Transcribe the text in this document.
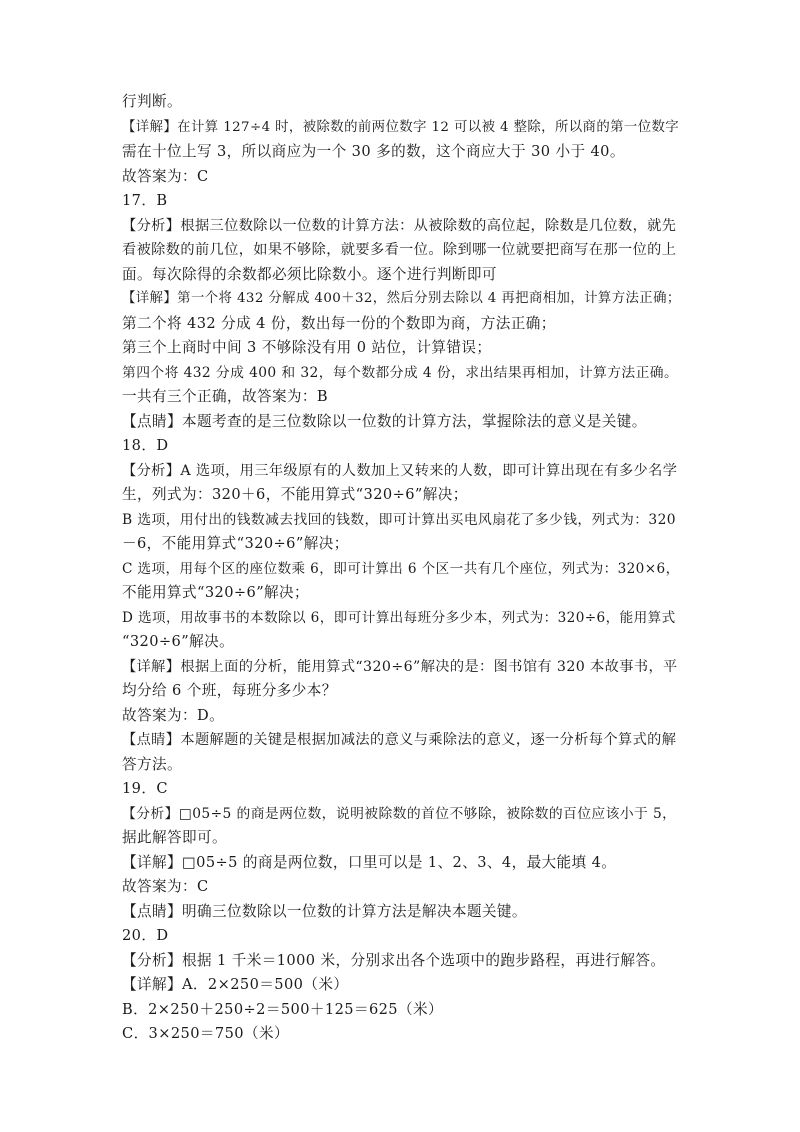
行判断。
【详解】在计算 127÷4 时，被除数的前两位数字 12 可以被 4 整除，所以商的第一位数字
需在十位上写 3，所以商应为一个 30 多的数，这个商应大于 30 小于 40。
故答案为：C
17．B
【分析】根据三位数除以一位数的计算方法：从被除数的高位起，除数是几位数，就先
看被除数的前几位，如果不够除，就要多看一位。除到哪一位就要把商写在那一位的上
面。每次除得的余数都必须比除数小。逐个进行判断即可
【详解】第一个将 432 分解成 400＋32，然后分别去除以 4 再把商相加，计算方法正确；
第二个将 432 分成 4 份，数出每一份的个数即为商，方法正确；
第三个上商时中间 3 不够除没有用 0 站位，计算错误；
第四个将 432 分成 400 和 32，每个数都分成 4 份，求出结果再相加，计算方法正确。
一共有三个正确，故答案为：B
【点睛】本题考查的是三位数除以一位数的计算方法，掌握除法的意义是关键。
18．D
【分析】A 选项，用三年级原有的人数加上又转来的人数，即可计算出现在有多少名学
生，列式为：320＋6，不能用算式“320÷6”解决；
B 选项，用付出的钱数减去找回的钱数，即可计算出买电风扇花了多少钱，列式为：320
－6，不能用算式“320÷6”解决；
C 选项，用每个区的座位数乘 6，即可计算出 6 个区一共有几个座位，列式为：320×6，
不能用算式“320÷6”解决；
D 选项，用故事书的本数除以 6，即可计算出每班分多少本，列式为：320÷6，能用算式
“320÷6”解决。
【详解】根据上面的分析，能用算式“320÷6”解决的是：图书馆有 320 本故事书，平
均分给 6 个班，每班分多少本？
故答案为：D。
【点睛】本题解题的关键是根据加减法的意义与乘除法的意义，逐一分析每个算式的解
答方法。
19．C
【分析】□05÷5 的商是两位数，说明被除数的首位不够除，被除数的百位应该小于 5，
据此解答即可。
【详解】□05÷5 的商是两位数，口里可以是 1、2、3、4，最大能填 4。
故答案为：C
【点睛】明确三位数除以一位数的计算方法是解决本题关键。
20．D
【分析】根据 1 千米＝1000 米，分别求出各个选项中的跑步路程，再进行解答。
【详解】A．2×250＝500（米）
B．2×250＋250÷2＝500＋125＝625（米）
C．3×250＝750（米）
